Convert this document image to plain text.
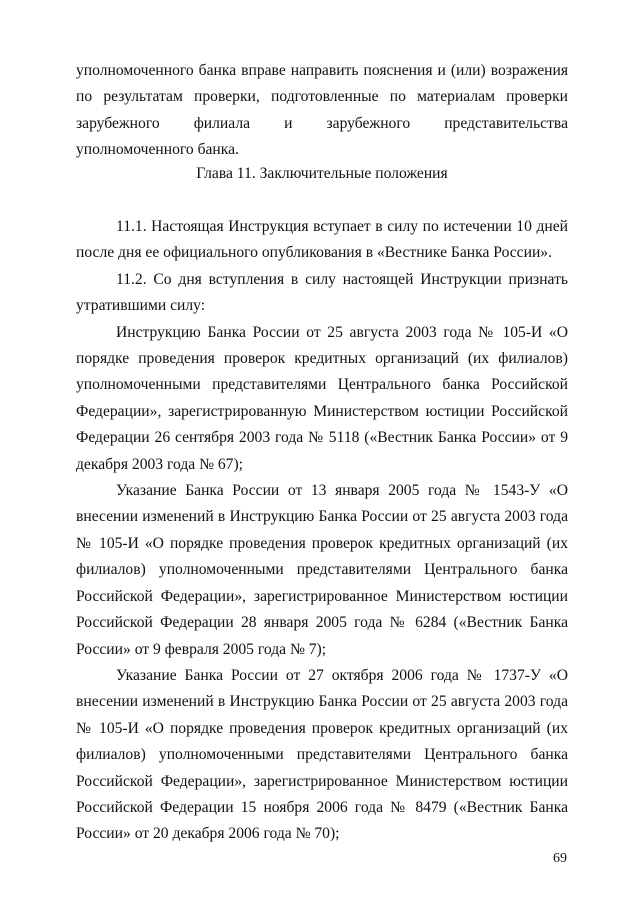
уполномоченного банка вправе направить пояснения и (или) возражения по результатам проверки, подготовленные по материалам проверки зарубежного филиала и зарубежного представительства уполномоченного банка.

Глава 11. Заключительные положения

11.1. Настоящая Инструкция вступает в силу по истечении 10 дней после дня ее официального опубликования в «Вестнике Банка России».

11.2. Со дня вступления в силу настоящей Инструкции признать утратившими силу:

Инструкцию Банка России от 25 августа 2003 года № 105-И «О порядке проведения проверок кредитных организаций (их филиалов) уполномоченными представителями Центрального банка Российской Федерации», зарегистрированную Министерством юстиции Российской Федерации 26 сентября 2003 года № 5118 («Вестник Банка России» от 9 декабря 2003 года № 67);

Указание Банка России от 13 января 2005 года № 1543-У «О внесении изменений в Инструкцию Банка России от 25 августа 2003 года № 105-И «О порядке проведения проверок кредитных организаций (их филиалов) уполномоченными представителями Центрального банка Российской Федерации», зарегистрированное Министерством юстиции Российской Федерации 28 января 2005 года № 6284 («Вестник Банка России» от 9 февраля 2005 года № 7);

Указание Банка России от 27 октября 2006 года № 1737-У «О внесении изменений в Инструкцию Банка России от 25 августа 2003 года № 105-И «О порядке проведения проверок кредитных организаций (их филиалов) уполномоченными представителями Центрального банка Российской Федерации», зарегистрированное Министерством юстиции Российской Федерации 15 ноября 2006 года № 8479 («Вестник Банка России» от 20 декабря 2006 года № 70);

69
